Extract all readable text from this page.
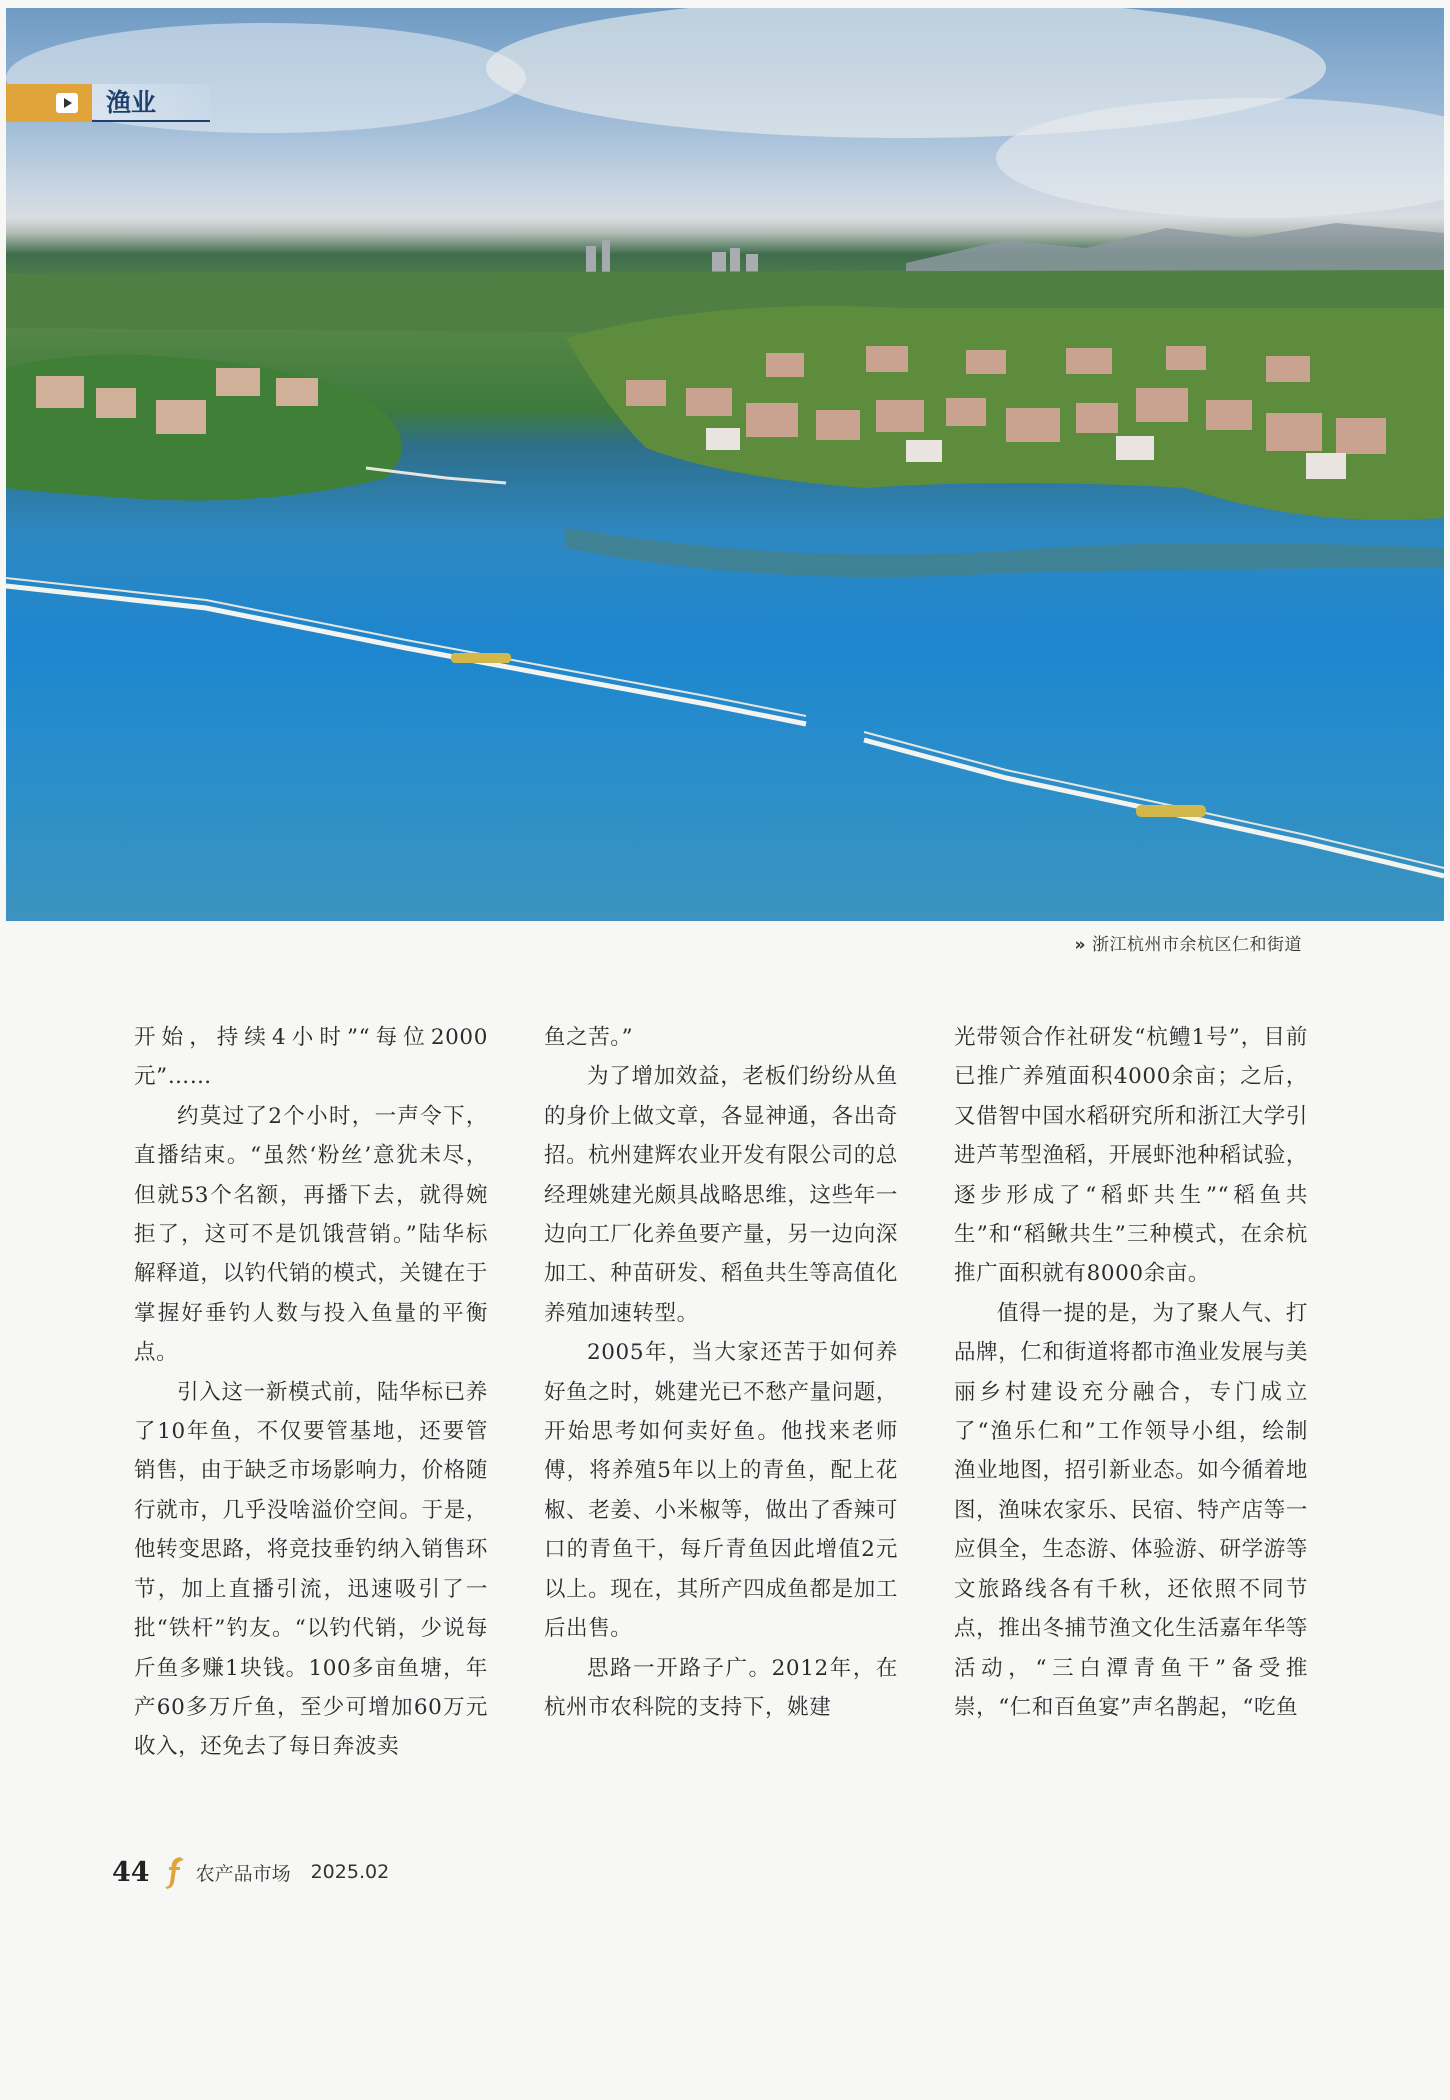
渔业
» 浙江杭州市余杭区仁和街道

开始，持续4小时”“每位2000元”……

约莫过了2个小时，一声令下，直播结束。“虽然‘粉丝’意犹未尽，但就53个名额，再播下去，就得婉拒了，这可不是饥饿营销。”陆华标解释道，以钓代销的模式，关键在于掌握好垂钓人数与投入鱼量的平衡点。

引入这一新模式前，陆华标已养了10年鱼，不仅要管基地，还要管销售，由于缺乏市场影响力，价格随行就市，几乎没啥溢价空间。于是，他转变思路，将竞技垂钓纳入销售环节，加上直播引流，迅速吸引了一批“铁杆”钓友。“以钓代销，少说每斤鱼多赚1块钱。100多亩鱼塘，年产60多万斤鱼，至少可增加60万元收入，还免去了每日奔波卖

鱼之苦。”

为了增加效益，老板们纷纷从鱼的身价上做文章，各显神通，各出奇招。杭州建辉农业开发有限公司的总经理姚建光颇具战略思维，这些年一边向工厂化养鱼要产量，另一边向深加工、种苗研发、稻鱼共生等高值化养殖加速转型。

2005年，当大家还苦于如何养好鱼之时，姚建光已不愁产量问题，开始思考如何卖好鱼。他找来老师傅，将养殖5年以上的青鱼，配上花椒、老姜、小米椒等，做出了香辣可口的青鱼干，每斤青鱼因此增值2元以上。现在，其所产四成鱼都是加工后出售。

思路一开路子广。2012年，在杭州市农科院的支持下，姚建

光带领合作社研发“杭鳢1号”，目前已推广养殖面积4000余亩；之后，又借智中国水稻研究所和浙江大学引进芦苇型渔稻，开展虾池种稻试验，逐步形成了“稻虾共生”“稻鱼共生”和“稻鳅共生”三种模式，在余杭推广面积就有8000余亩。

值得一提的是，为了聚人气、打品牌，仁和街道将都市渔业发展与美丽乡村建设充分融合，专门成立了“渔乐仁和”工作领导小组，绘制渔业地图，招引新业态。如今循着地图，渔味农家乐、民宿、特产店等一应俱全，生态游、体验游、研学游等文旅路线各有千秋，还依照不同节点，推出冬捕节渔文化生活嘉年华等活动，“三白潭青鱼干”备受推崇，“仁和百鱼宴”声名鹊起，“吃鱼

44 农产品市场 2025.02
